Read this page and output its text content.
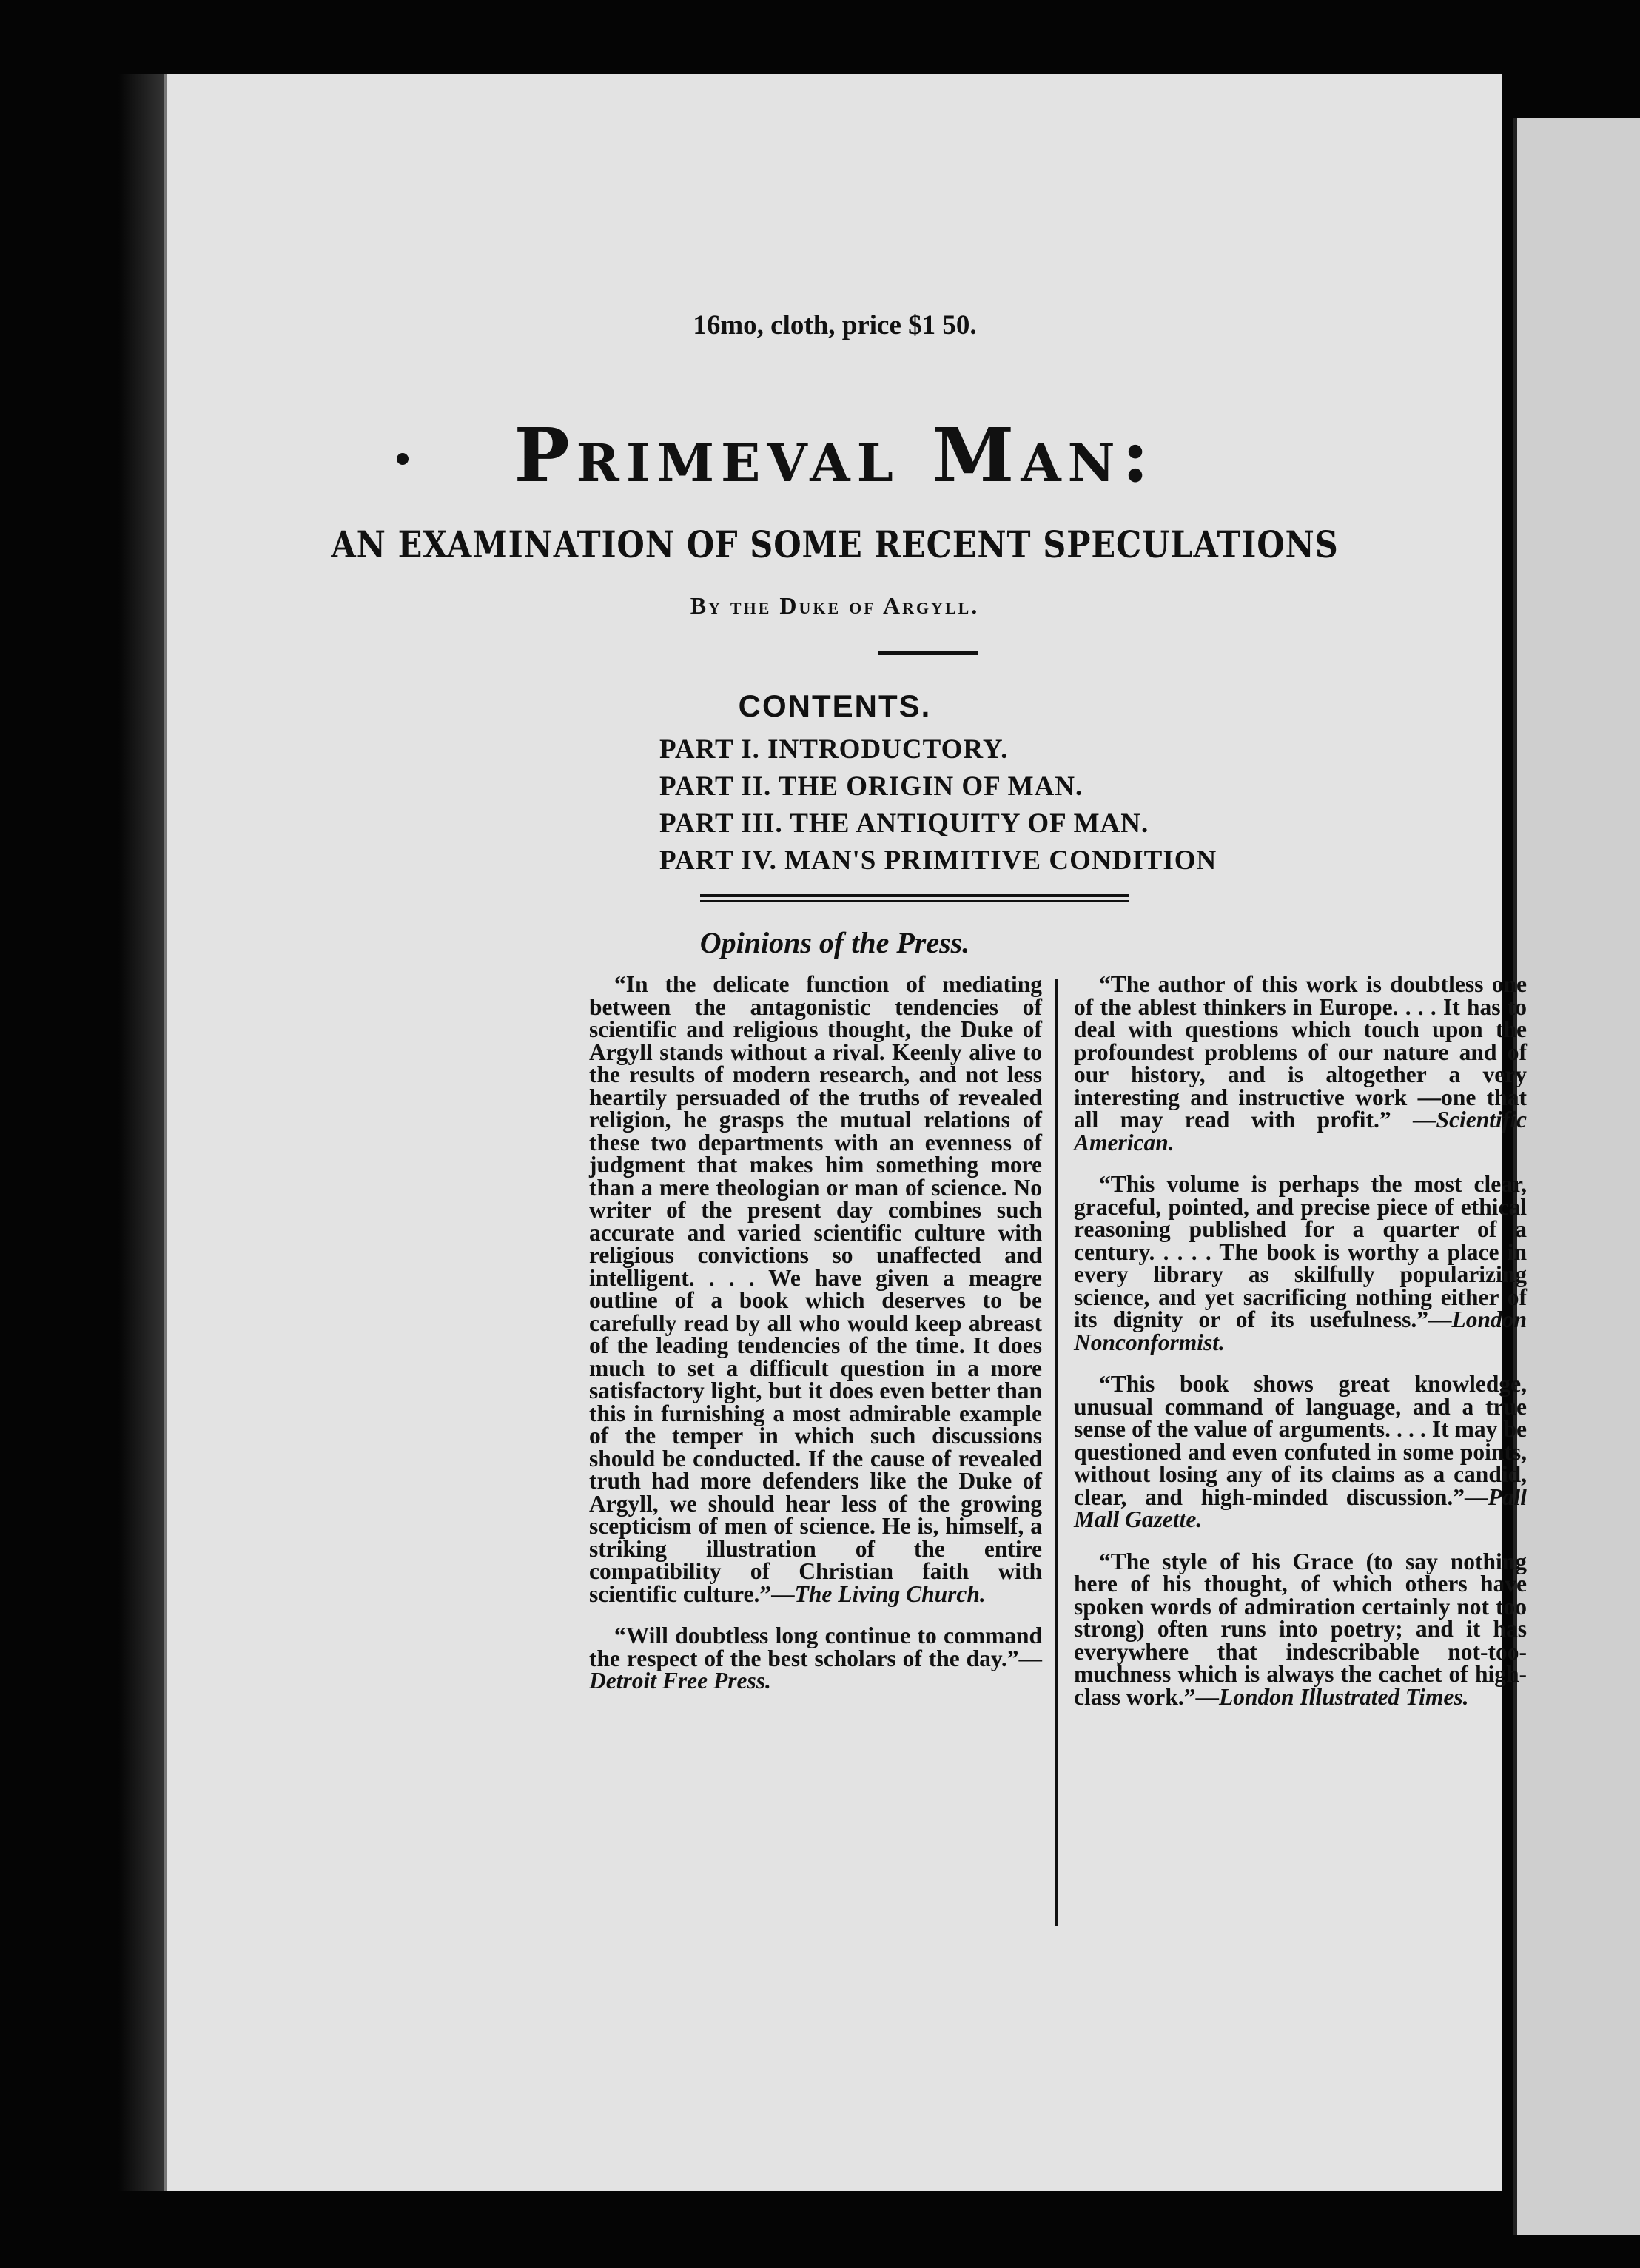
16mo, cloth, price $1 50.
Primeval Man:
AN EXAMINATION OF SOME RECENT SPECULATIONS
By the Duke of Argyll.
CONTENTS.
PART I. INTRODUCTORY.
PART II. THE ORIGIN OF MAN.
PART III. THE ANTIQUITY OF MAN.
PART IV. MAN'S PRIMITIVE CONDITION
Opinions of the Press.

“In the delicate function of mediating between the antagonistic tendencies of scientific and religious thought, the Duke of Argyll stands without a rival. Keenly alive to the results of modern research, and not less heartily persuaded of the truths of revealed religion, he grasps the mutual relations of these two departments with an evenness of judgment that makes him something more than a mere theologian or man of science. No writer of the present day combines such accurate and varied scientific culture with religious convictions so unaffected and intelligent. . . . We have given a meagre outline of a book which deserves to be carefully read by all who would keep abreast of the leading tendencies of the time. It does much to set a difficult question in a more satisfactory light, but it does even better than this in furnishing a most admirable example of the temper in which such discussions should be conducted. If the cause of revealed truth had more defenders like the Duke of Argyll, we should hear less of the growing scepticism of men of science. He is, himself, a striking illustration of the entire compatibility of Christian faith with scientific culture.”—The Living Church.

“Will doubtless long continue to command the respect of the best scholars of the day.”—Detroit Free Press.

“The author of this work is doubtless one of the ablest thinkers in Europe. . . . It has to deal with questions which touch upon the profoundest problems of our nature and of our history, and is altogether a very interesting and instructive work —one that all may read with profit.” —Scientific American.

“This volume is perhaps the most clear, graceful, pointed, and precise piece of ethical reasoning published for a quarter of a century. . . . . The book is worthy a place in every library as skilfully popularizing science, and yet sacrificing nothing either of its dignity or of its usefulness.”—London Nonconformist.

“This book shows great knowledge, unusual command of language, and a true sense of the value of arguments. . . . It may be questioned and even confuted in some points, without losing any of its claims as a candid, clear, and high-minded discussion.”—Pall Mall Gazette.

“The style of his Grace (to say nothing here of his thought, of which others have spoken words of admiration certainly not too strong) often runs into poetry; and it has everywhere that indescribable not-too-muchness which is always the cachet of high-class work.”—London Illustrated Times.
